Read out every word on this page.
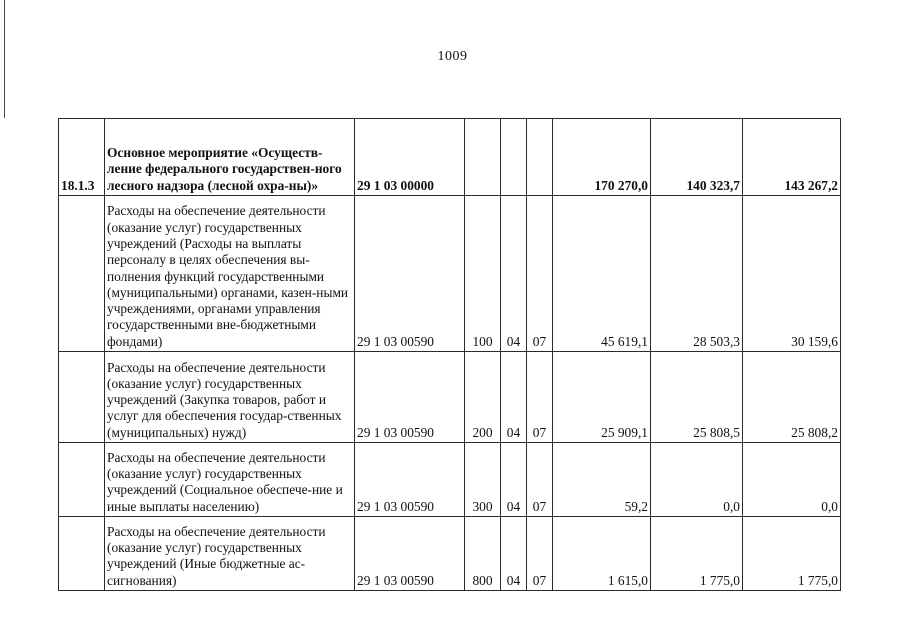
1009
18.1.3	Основное мероприятие «Осуществ-ление федерального государствен-ного лесного надзора (лесной охра-ны)»	29 1 03 00000				170 270,0	140 323,7	143 267,2
	Расходы на обеспечение деятельности (оказание услуг) государственных учреждений (Расходы на выплаты персоналу в целях обеспечения вы-полнения функций государственными (муниципальными) органами, казен-ными учреждениями, органами управления государственными вне-бюджетными фондами)	29 1 03 00590	100	04	07	45 619,1	28 503,3	30 159,6
	Расходы на обеспечение деятельности (оказание услуг) государственных учреждений (Закупка товаров, работ и услуг для обеспечения государ-ственных (муниципальных) нужд)	29 1 03 00590	200	04	07	25 909,1	25 808,5	25 808,2
	Расходы на обеспечение деятельности (оказание услуг) государственных учреждений (Социальное обеспече-ние и иные выплаты населению)	29 1 03 00590	300	04	07	59,2	0,0	0,0
	Расходы на обеспечение деятельности (оказание услуг) государственных учреждений (Иные бюджетные ас-сигнования)	29 1 03 00590	800	04	07	1 615,0	1 775,0	1 775,0
